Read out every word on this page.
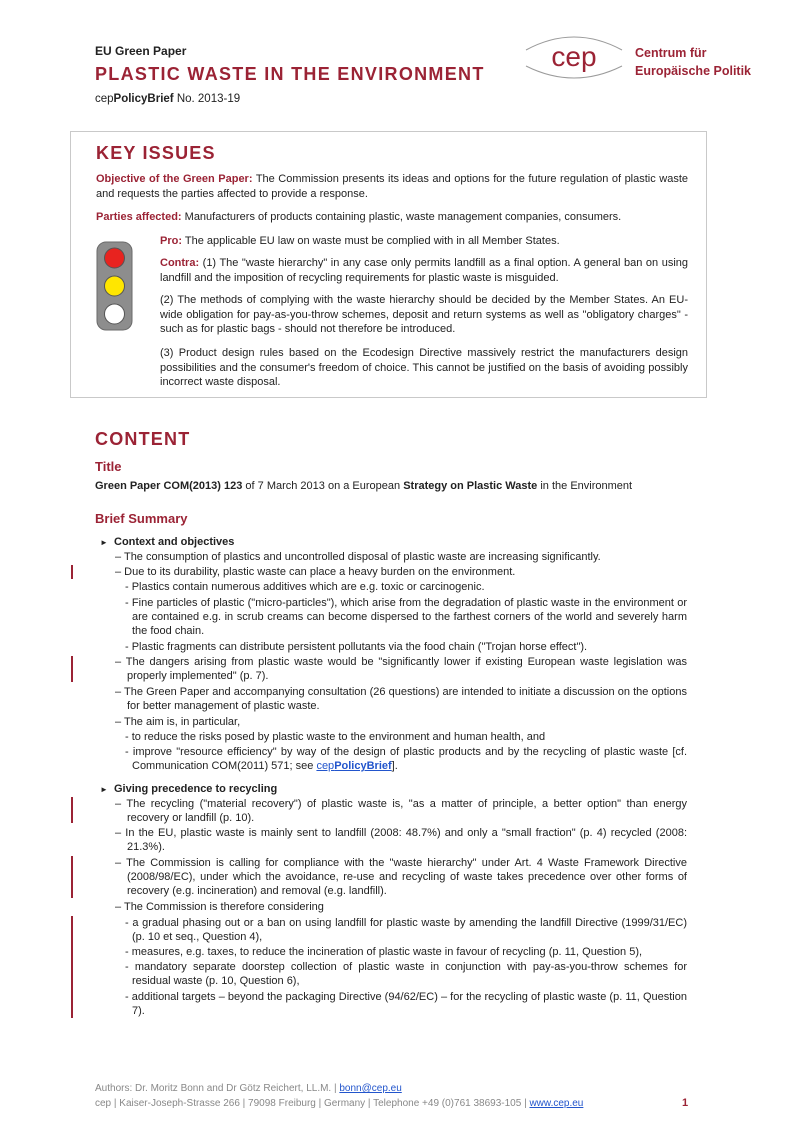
EU Green Paper
PLASTIC WASTE IN THE ENVIRONMENT
cepPolicyBrief No. 2013-19
cep	Centrum für
Europäische Politik
KEY ISSUES

Objective of the Green Paper: The Commission presents its ideas and options for the future regulation of plastic waste and requests the parties affected to provide a response.

Parties affected: Manufacturers of products containing plastic, waste management companies, consumers.

Pro: The applicable EU law on waste must be complied with in all Member States.

Contra: (1) The "waste hierarchy" in any case only permits landfill as a final option. A general ban on using landfill and the imposition of recycling requirements for plastic waste is misguided.

(2) The methods of complying with the waste hierarchy should be decided by the Member States. An EU-wide obligation for pay-as-you-throw schemes, deposit and return systems as well as "obligatory charges" - such as for plastic bags - should not therefore be introduced.

(3) Product design rules based on the Ecodesign Directive massively restrict the manufacturers design possibilities and the consumer's freedom of choice. This cannot be justified on the basis of avoiding possibly incorrect waste disposal.

CONTENT
Title
Green Paper COM(2013) 123 of 7 March 2013 on a European Strategy on Plastic Waste in the Environment
Brief Summary

► Context and objectives

– The consumption of plastics and uncontrolled disposal of plastic waste are increasing significantly.

– Due to its durability, plastic waste can place a heavy burden on the environment.

- Plastics contain numerous additives which are e.g. toxic or carcinogenic.

- Fine particles of plastic ("micro-particles"), which arise from the degradation of plastic waste in the environment or are contained e.g. in scrub creams can become dispersed to the farthest corners of the world and severely harm the food chain.

- Plastic fragments can distribute persistent pollutants via the food chain ("Trojan horse effect").

– The dangers arising from plastic waste would be "significantly lower if existing European waste legislation was properly implemented" (p. 7).

– The Green Paper and accompanying consultation (26 questions) are intended to initiate a discussion on the options for better management of plastic waste.

– The aim is, in particular,

- to reduce the risks posed by plastic waste to the environment and human health, and

- improve "resource efficiency" by way of the design of plastic products and by the recycling of plastic waste [cf. Communication COM(2011) 571; see cepPolicyBrief].

► Giving precedence to recycling

– The recycling ("material recovery") of plastic waste is, "as a matter of principle, a better option" than energy recovery or landfill (p. 10).

– In the EU, plastic waste is mainly sent to landfill (2008: 48.7%) and only a "small fraction" (p. 4) recycled (2008: 21.3%).

– The Commission is calling for compliance with the "waste hierarchy" under Art. 4 Waste Framework Directive (2008/98/EC), under which the avoidance, re-use and recycling of waste takes precedence over other forms of recovery (e.g. incineration) and removal (e.g. landfill).

– The Commission is therefore considering

- a gradual phasing out or a ban on using landfill for plastic waste by amending the landfill Directive (1999/31/EC) (p. 10 et seq., Question 4),

- measures, e.g. taxes, to reduce the incineration of plastic waste in favour of recycling (p. 11, Question 5),

- mandatory separate doorstep collection of plastic waste in conjunction with pay-as-you-throw schemes for residual waste (p. 10, Question 6),

- additional targets – beyond the packaging Directive (94/62/EC) – for the recycling of plastic waste (p. 11, Question 7).

Authors: Dr. Moritz Bonn and Dr Götz Reichert, LL.M. | bonn@cep.eu
cep | Kaiser-Joseph-Strasse 266 | 79098 Freiburg | Germany | Telephone +49 (0)761 38693-105 | www.cep.eu	1
